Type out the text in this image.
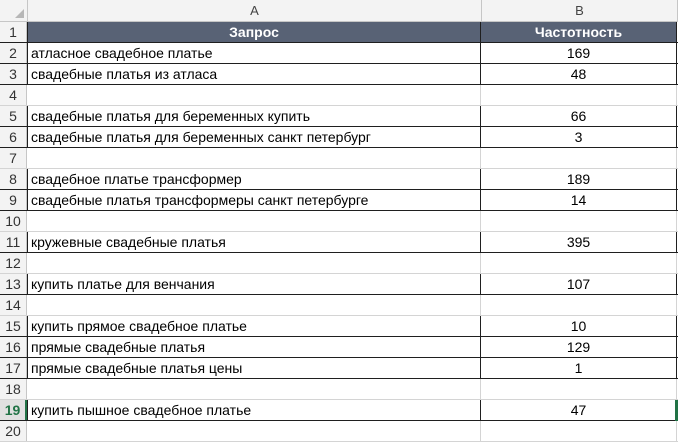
A	B
1	Запрос	Частотность
2	атласное свадебное платье	169
3	свадебные платья из атласа	48
4
5	свадебные платья для беременных купить	66
6	свадебные платья для беременных санкт петербург	3
7
8	свадебное платье трансформер	189
9	свадебные платья трансформеры санкт петербурге	14
10
11 кружевные свадебные платья	395
12
13 купить платье для венчания	107
14
15 купить прямое свадебное платье	10
16 прямые свадебные платья	129
17 прямые свадебные платья цены	1
18
19 купить пышное свадебное платье	47
20
